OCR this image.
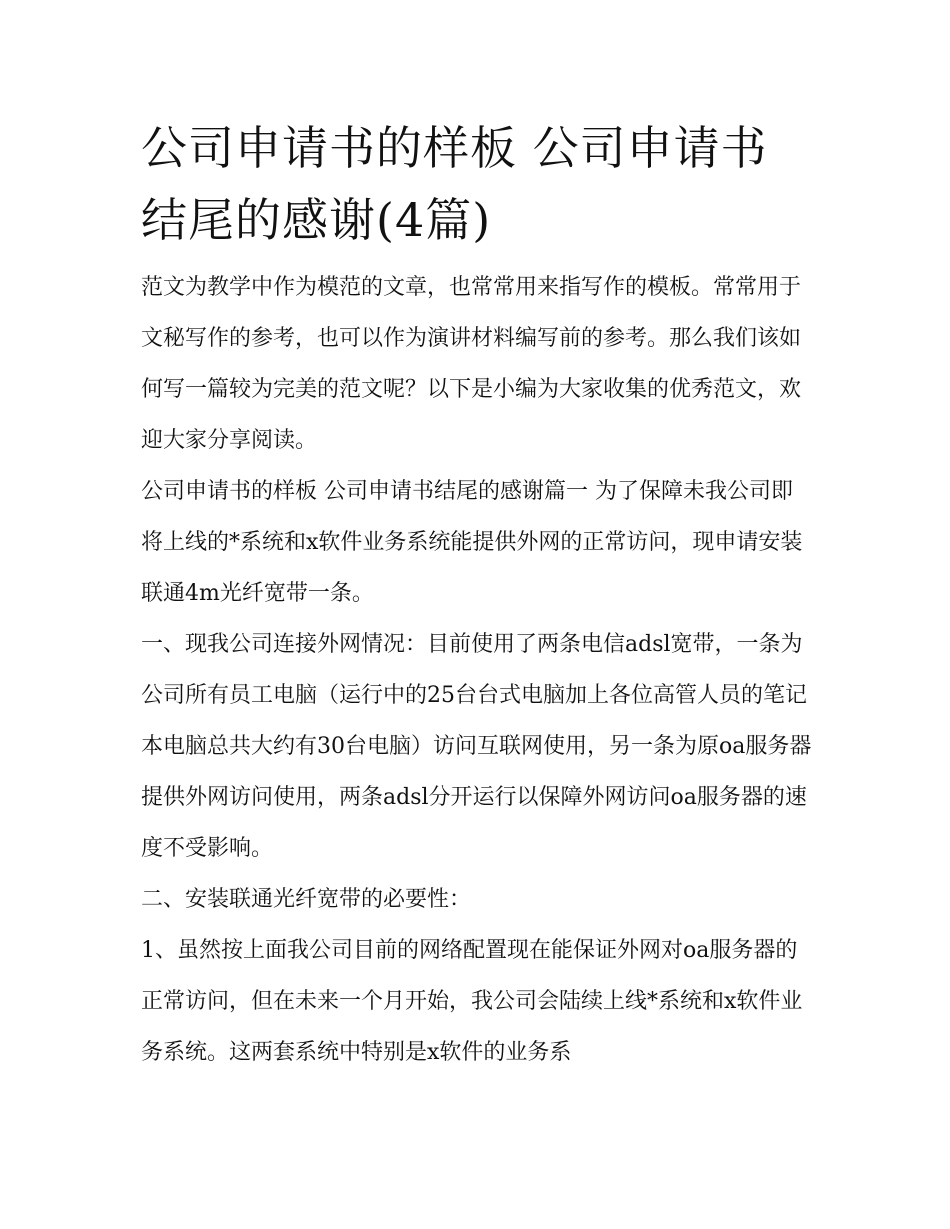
公司申请书的样板 公司申请书结尾的感谢(4篇)

范文为教学中作为模范的文章，也常常用来指写作的模板。常常用于文秘写作的参考，也可以作为演讲材料编写前的参考。那么我们该如何写一篇较为完美的范文呢？以下是小编为大家收集的优秀范文，欢迎大家分享阅读。

公司申请书的样板 公司申请书结尾的感谢篇一 为了保障未我公司即将上线的*系统和x软件业务系统能提供外网的正常访问，现申请安装联通4m光纤宽带一条。

一、现我公司连接外网情况：目前使用了两条电信adsl宽带，一条为公司所有员工电脑（运行中的25台台式电脑加上各位高管人员的笔记本电脑总共大约有30台电脑）访问互联网使用，另一条为原oa服务器提供外网访问使用，两条adsl分开运行以保障外网访问oa服务器的速度不受影响。

二、安装联通光纤宽带的必要性：

1、虽然按上面我公司目前的网络配置现在能保证外网对oa服务器的正常访问，但在未来一个月开始，我公司会陆续上线*系统和x软件业务系统。这两套系统中特别是x软件的业务系
